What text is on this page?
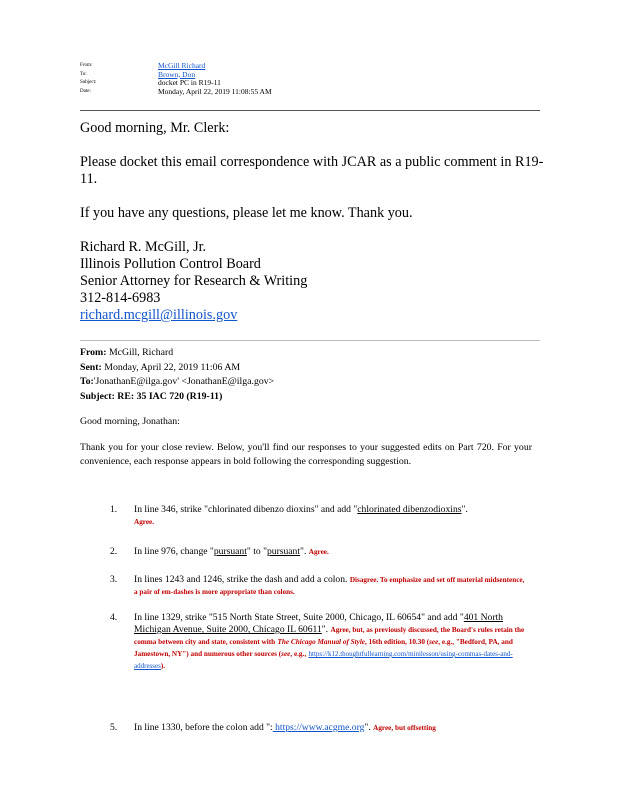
From:	McGill Richard
To:	Brown, Don
Subject:	docket PC in R19-11
Date:	Monday, April 22, 2019 11:08:55 AM

Good morning, Mr. Clerk:

Please docket this email correspondence with JCAR as a public comment in R19-11.

If you have any questions, please let me know. Thank you.

Richard R. McGill, Jr.
Illinois Pollution Control Board
Senior Attorney for Research & Writing
312-814-6983
richard.mcgill@illinois.gov
From: McGill, Richard
Sent: Monday, April 22, 2019 11:06 AM
To:'JonathanE@ilga.gov' <JonathanE@ilga.gov>
Subject: RE: 35 IAC 720 (R19-11)

Good morning, Jonathan:

Thank you for your close review. Below, you'll find our responses to your suggested edits on Part 720. For your convenience, each response appears in bold following the corresponding suggestion.

1.	In line 346, strike "chlorinated dibenzo dioxins" and add "chlorinated dibenzodioxins".
Agree.
2.	In line 976, change "pursuant" to "pursuant". Agree.
3.	In lines 1243 and 1246, strike the dash and add a colon. Disagree. To emphasize and set off material midsentence, a pair of em-dashes is more appropriate than colons.
4.	In line 1329, strike "515 North State Street, Suite 2000, Chicago, IL 60654" and add "401 North Michigan Avenue, Suite 2000, Chicago IL 60611". Agree, but, as previously discussed, the Board's rules retain the comma between city and state, consistent with The Chicago Manual of Style, 16th edition, 10.30 (see, e.g., "Bedford, PA, and Jamestown, NY") and numerous other sources (see, e.g., https://k12.thoughtfullearning.com/minilesson/using-commas-dates-and-addresses).
5.	In line 1330, before the colon add ": https://www.acgme.org". Agree, but offsetting
